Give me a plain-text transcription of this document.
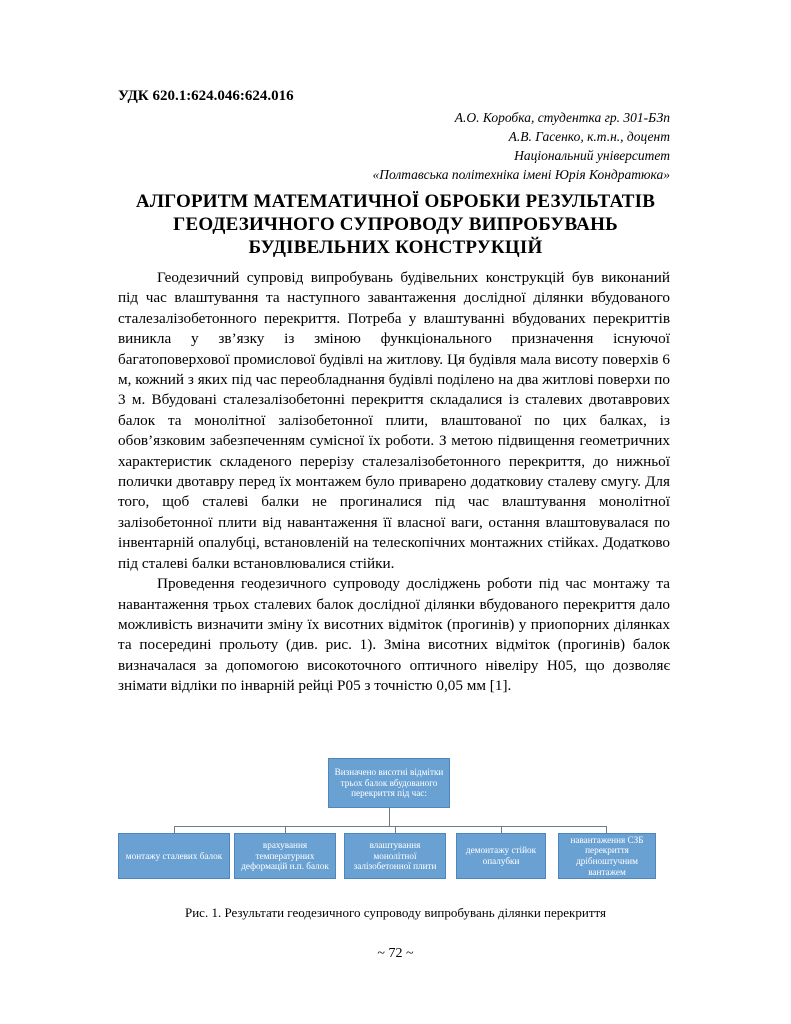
УДК 620.1:624.046:624.016
А.О. Коробка, студентка гр. 301-БЗп
А.В. Гасенко, к.т.н., доцент
Національний університет
«Полтавська політехніка імені Юрія Кондратюка»
АЛГОРИТМ МАТЕМАТИЧНОЇ ОБРОБКИ РЕЗУЛЬТАТІВ
ГЕОДЕЗИЧНОГО СУПРОВОДУ ВИПРОБУВАНЬ
БУДІВЕЛЬНИХ КОНСТРУКЦІЙ

Геодезичний супровід випробувань будівельних конструкцій був виконаний під час влаштування та наступного завантаження дослідної ділянки вбудованого сталезалізобетонного перекриття. Потреба у влаштуванні вбудованих перекриттів виникла у зв’язку із зміною функціонального призначення існуючої багатоповерхової промислової будівлі на житлову. Ця будівля мала висоту поверхів 6 м, кожний з яких під час переобладнання будівлі поділено на два житлові поверхи по 3 м. Вбудовані сталезалізобетонні перекриття складалися із сталевих двотаврових балок та монолітної залізобетонної плити, влаштованої по цих балках, із обов’язковим забезпеченням сумісної їх роботи. З метою підвищення геометричних характеристик складеного перерізу сталезалізобетонного перекриття, до нижньої полички двотавру перед їх монтажем було приварено додатковиу сталеву смугу. Для того, щоб сталеві балки не прогиналися під час влаштування монолітної залізобетонної плити від навантаження її власної ваги, остання влаштовувалася по інвентарній опалубці, встановленій на телескопічних монтажних стійках. Додатково під сталеві балки встановлювалися стійки.

Проведення геодезичного супроводу досліджень роботи під час монтажу та навантаження трьох сталевих балок дослідної ділянки вбудованого перекриття дало можливість визначити зміну їх висотних відміток (прогинів) у приопорних ділянках та посередині прольоту (див. рис. 1). Зміна висотних відміток (прогинів) балок визначалася за допомогою високоточного оптичного нівеліру Н05, що дозволяє знімати відліки по інварній рейці Р05 з точністю 0,05 мм [1].

Визначено висотні відмітки трьох балок вбудованого перекриття під час:
монтажу сталевих балок
врахування температурних деформацій н.п. балок
влаштування монолітної залізобетонної плити
демонтажу стійок опалубки
навантаження СЗБ перекриття дрібноштучним вантажем
Рис. 1. Результати геодезичного супроводу випробувань ділянки перекриття
~ 72 ~
